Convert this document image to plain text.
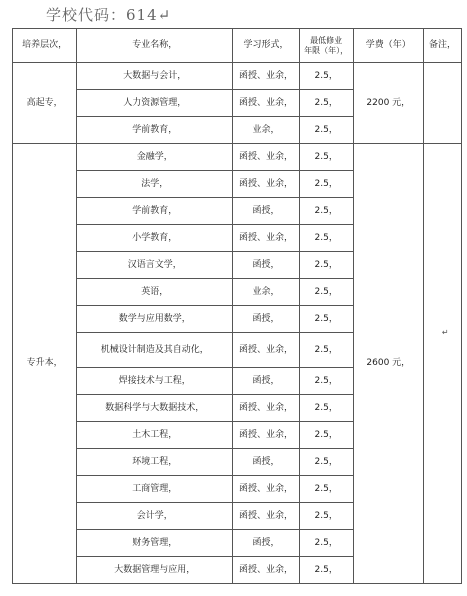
学校代码：614↵
培养层次，	专业名称，	学习形式，	最低修业
年限（年），	学费（年）	备注，
高起专，	大数据与会计，	函授、业余，	2.5，	2200 元，	
	人力资源管理，	函授、业余，	2.5，		
	学前教育，	业余，	2.5，		
专升本，	金融学，	函授、业余，	2.5，	2600 元，	↵

	法学，	函授、业余，	2.5，		
	学前教育，	函授，	2.5，		
	小学教育，	函授、业余，	2.5，		
	汉语言文学，	函授，	2.5，		
	英语，	业余，	2.5，		
	数学与应用数学，	函授，	2.5，		
	机械设计制造及其自动化，	函授、业余，	2.5，		
	焊接技术与工程，	函授，	2.5，		
	数据科学与大数据技术，	函授、业余，	2.5，		
	土木工程，	函授、业余，	2.5，		
	环境工程，	函授，	2.5，		
	工商管理，	函授、业余，	2.5，		
	会计学，	函授、业余，	2.5，		
	财务管理，	函授，	2.5，		
	大数据管理与应用，	函授、业余，	2.5，		
